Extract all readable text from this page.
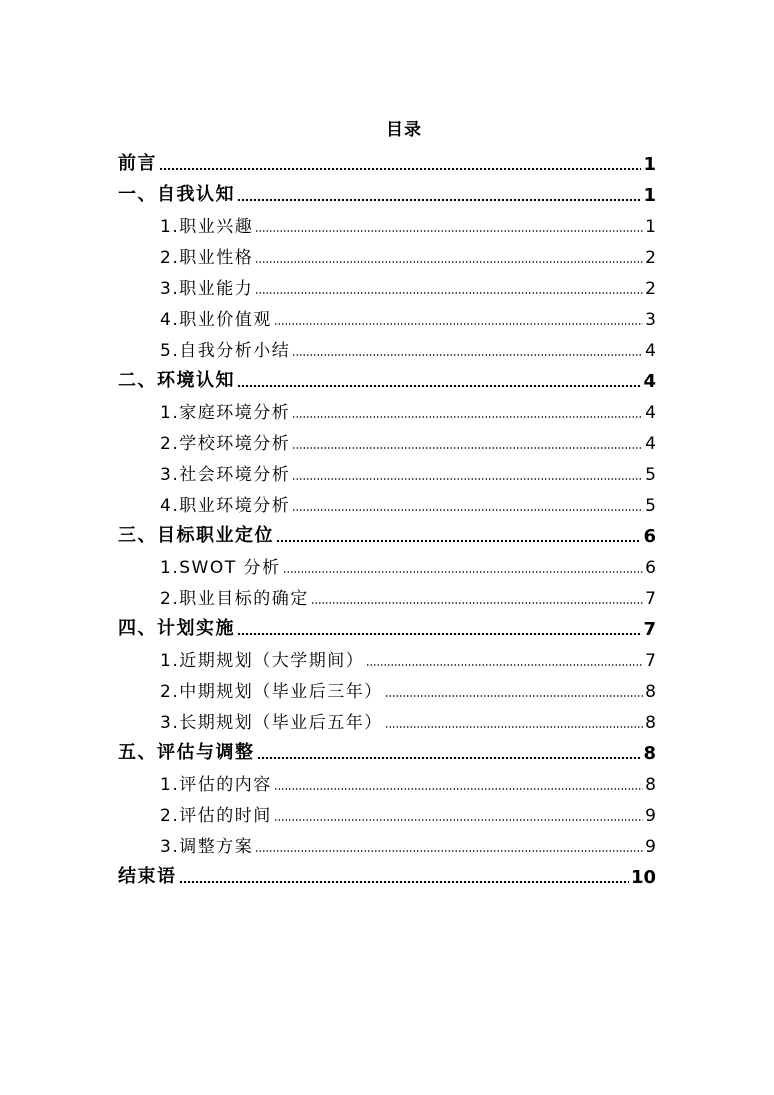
目录
前言	1
一、自我认知	1
1.职业兴趣	1
2.职业性格	2
3.职业能力	2
4.职业价值观	3
5.自我分析小结	4
二、环境认知	4
1.家庭环境分析	4
2.学校环境分析	4
3.社会环境分析	5
4.职业环境分析	5
三、目标职业定位	6
1.SWOT 分析	6
2.职业目标的确定	7
四、计划实施	7
1.近期规划（大学期间）	7
2.中期规划（毕业后三年）	8
3.长期规划（毕业后五年）	8
五、评估与调整	8
1.评估的内容	8
2.评估的时间	9
3.调整方案	9
结束语	10
